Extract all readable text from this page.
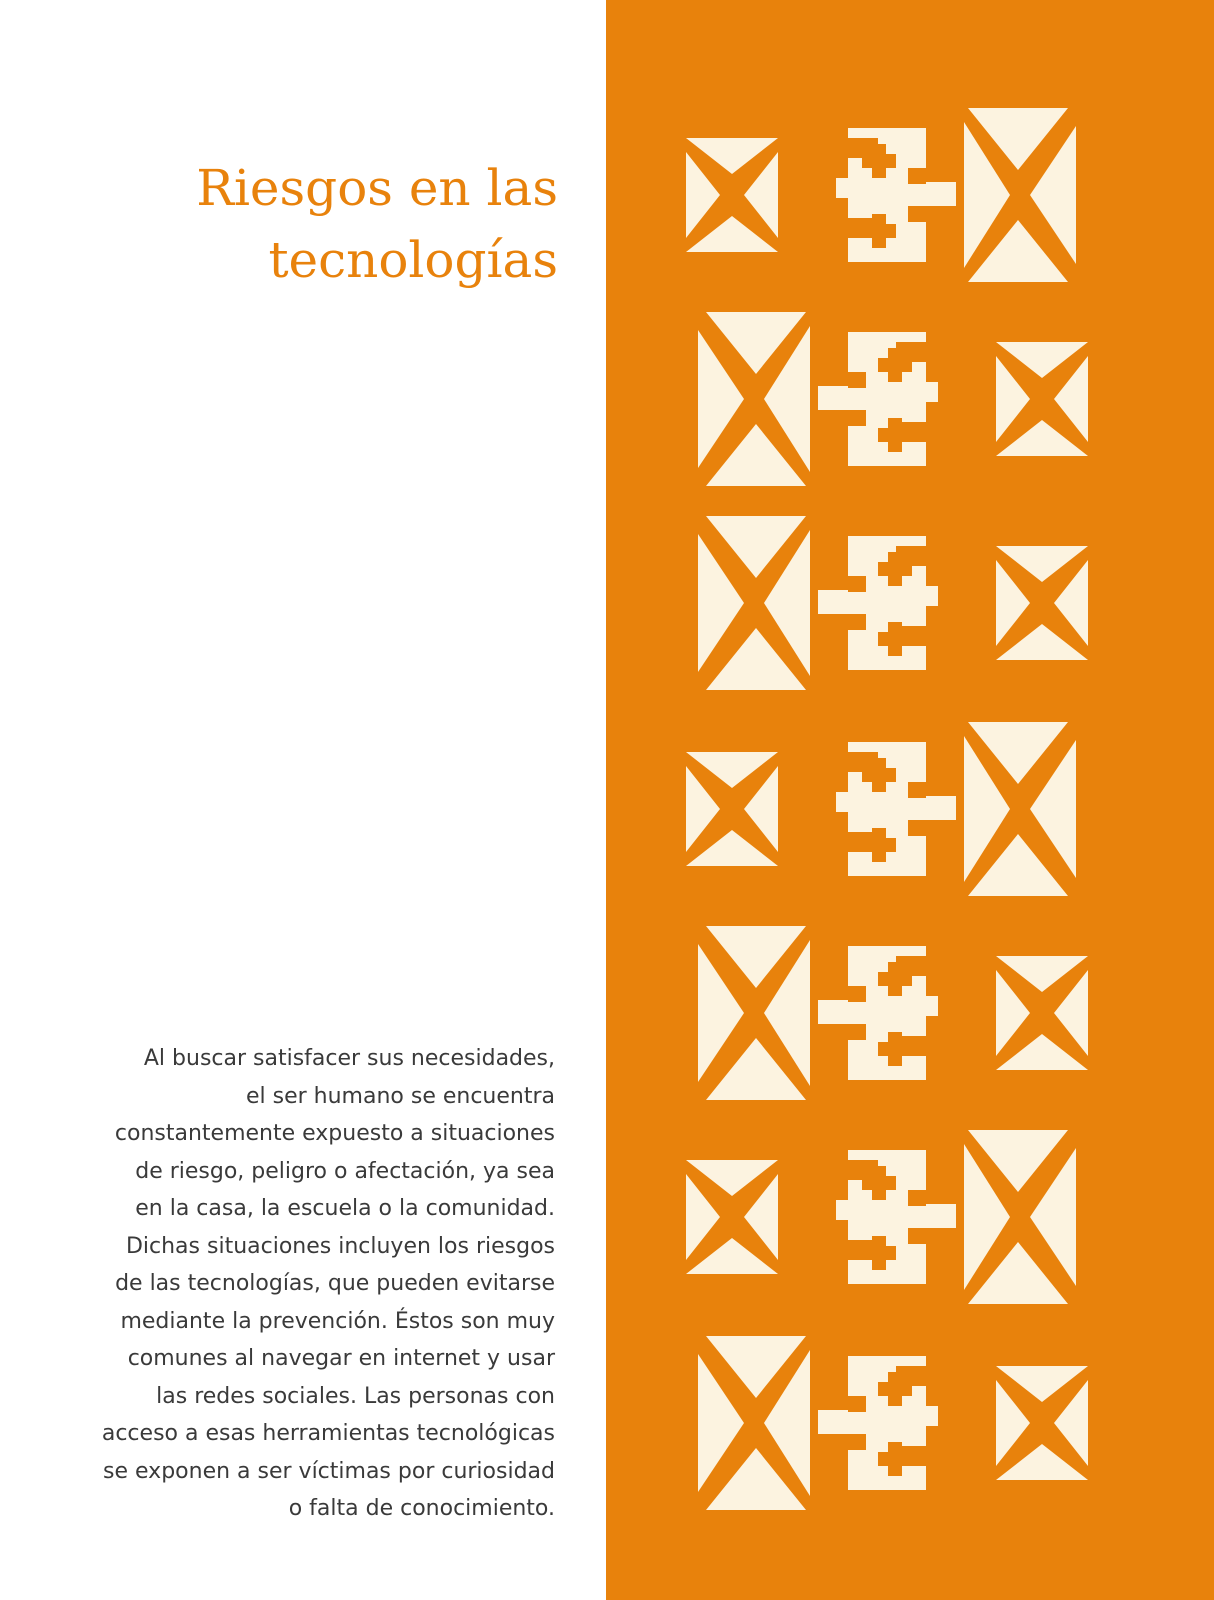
Riesgos en las
tecnologías

Al buscar satisfacer sus necesidades,
el ser humano se encuentra
constantemente expuesto a situaciones
de riesgo, peligro o afectación, ya sea
en la casa, la escuela o la comunidad.
Dichas situaciones incluyen los riesgos
de las tecnologías, que pueden evitarse
mediante la prevención. Éstos son muy
comunes al navegar en internet y usar
las redes sociales. Las personas con
acceso a esas herramientas tecnológicas
se exponen a ser víctimas por curiosidad
o falta de conocimiento.
